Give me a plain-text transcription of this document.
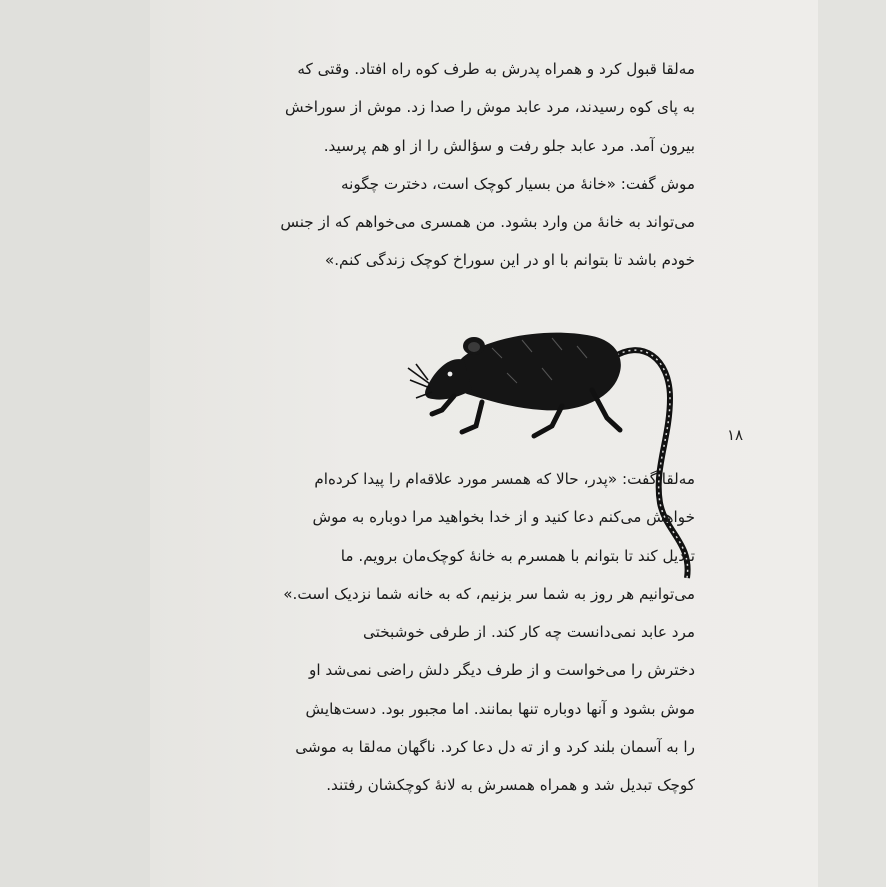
مه‌لقا قبول کرد و همراه پدرش به طرف کوه راه افتاد. وقتی که
به پای کوه رسیدند، مرد عابد موش را صدا زد. موش از سوراخش
بیرون آمد. مرد عابد جلو رفت و سؤالش را از او هم پرسید.

موش گفت: «خانهٔ من بسیار کوچک است، دختر‌ت چگونه
می‌تواند به خانهٔ من وارد بشود. من همسری می‌خواهم که از جنس
خودم باشد تا بتوانم با او در این سوراخ کوچک زندگی کنم.»

۱۸

مه‌لقا گفت: «پدر، حالا که همسر مورد علاقه‌ام را پیدا کرده‌ام
خواهش می‌کنم دعا کنید و از خدا بخواهید مرا دوباره به موش
تبدیل کند تا بتوانم با همسرم به خانهٔ کوچک‌مان برویم. ما
می‌توانیم هر روز به شما سر بزنیم، که به خانه شما نزدیک است.»

مرد عابد نمی‌دانست چه کار کند. از طرفی خوشبختی
دخترش را می‌خواست و از طرف دیگر دلش راضی نمی‌شد او
موش بشود و آنها دوباره تنها بمانند. اما مجبور بود. دست‌هایش
را به آسمان بلند کرد و از ته دل دعا کرد. ناگهان مه‌لقا به موشی
کوچک تبدیل شد و همراه همسرش به لانهٔ کوچکشان رفتند.
